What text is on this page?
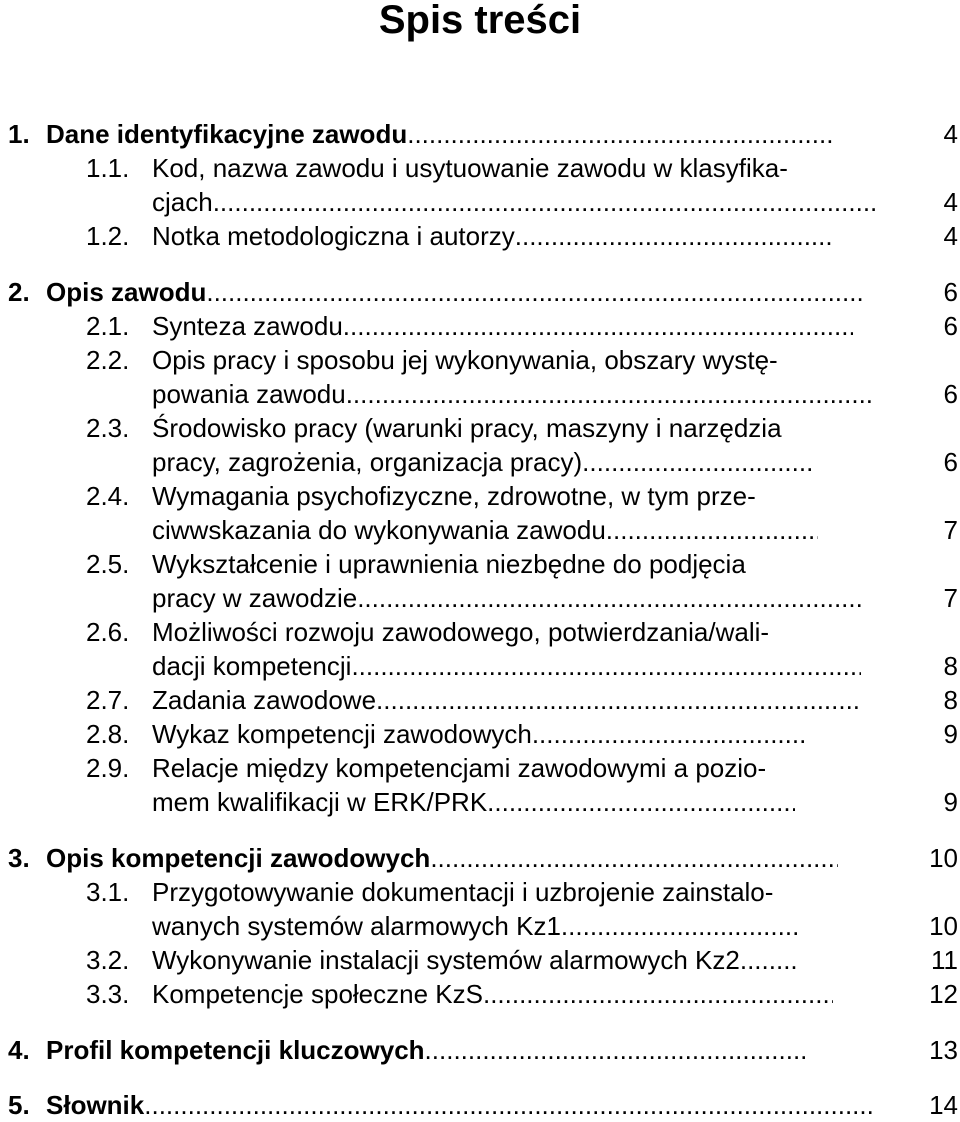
Spis treści
1. Dane identyfikacyjne zawodu .....	4
1.1. Kod, nazwa zawodu i usytuowanie zawodu w klasyfika-
cjach. .....	4
1.2. Notka metodologiczna i autorzy .....	4
2. Opis zawodu .....	6
2.1. Synteza zawodu .....	6
2.2. Opis pracy i sposobu jej wykonywania, obszary wystę-
powania zawodu .....	6
2.3. Środowisko pracy (warunki pracy, maszyny i narzędzia
pracy, zagrożenia, organizacja pracy) .....	6
2.4. Wymagania psychofizyczne, zdrowotne, w tym prze-
ciwwskazania do wykonywania zawodu .....	7
2.5. Wykształcenie i uprawnienia niezbędne do podjęcia
pracy w zawodzie .....	7
2.6. Możliwości rozwoju zawodowego, potwierdzania/wali-
dacji kompetencji .....	8
2.7. Zadania zawodowe .....	8
2.8. Wykaz kompetencji zawodowych .....	9
2.9. Relacje między kompetencjami zawodowymi a pozio-
mem kwalifikacji w ERK/PRK .....	9
3. Opis kompetencji zawodowych .....	10
3.1. Przygotowywanie dokumentacji i uzbrojenie zainstalo-
wanych systemów alarmowych Kz1 .....	10
3.2. Wykonywanie instalacji systemów alarmowych Kz2 .....	11
3.3. Kompetencje społeczne KzS .....	12
4. Profil kompetencji kluczowych .....	13
5. Słownik .....	14
